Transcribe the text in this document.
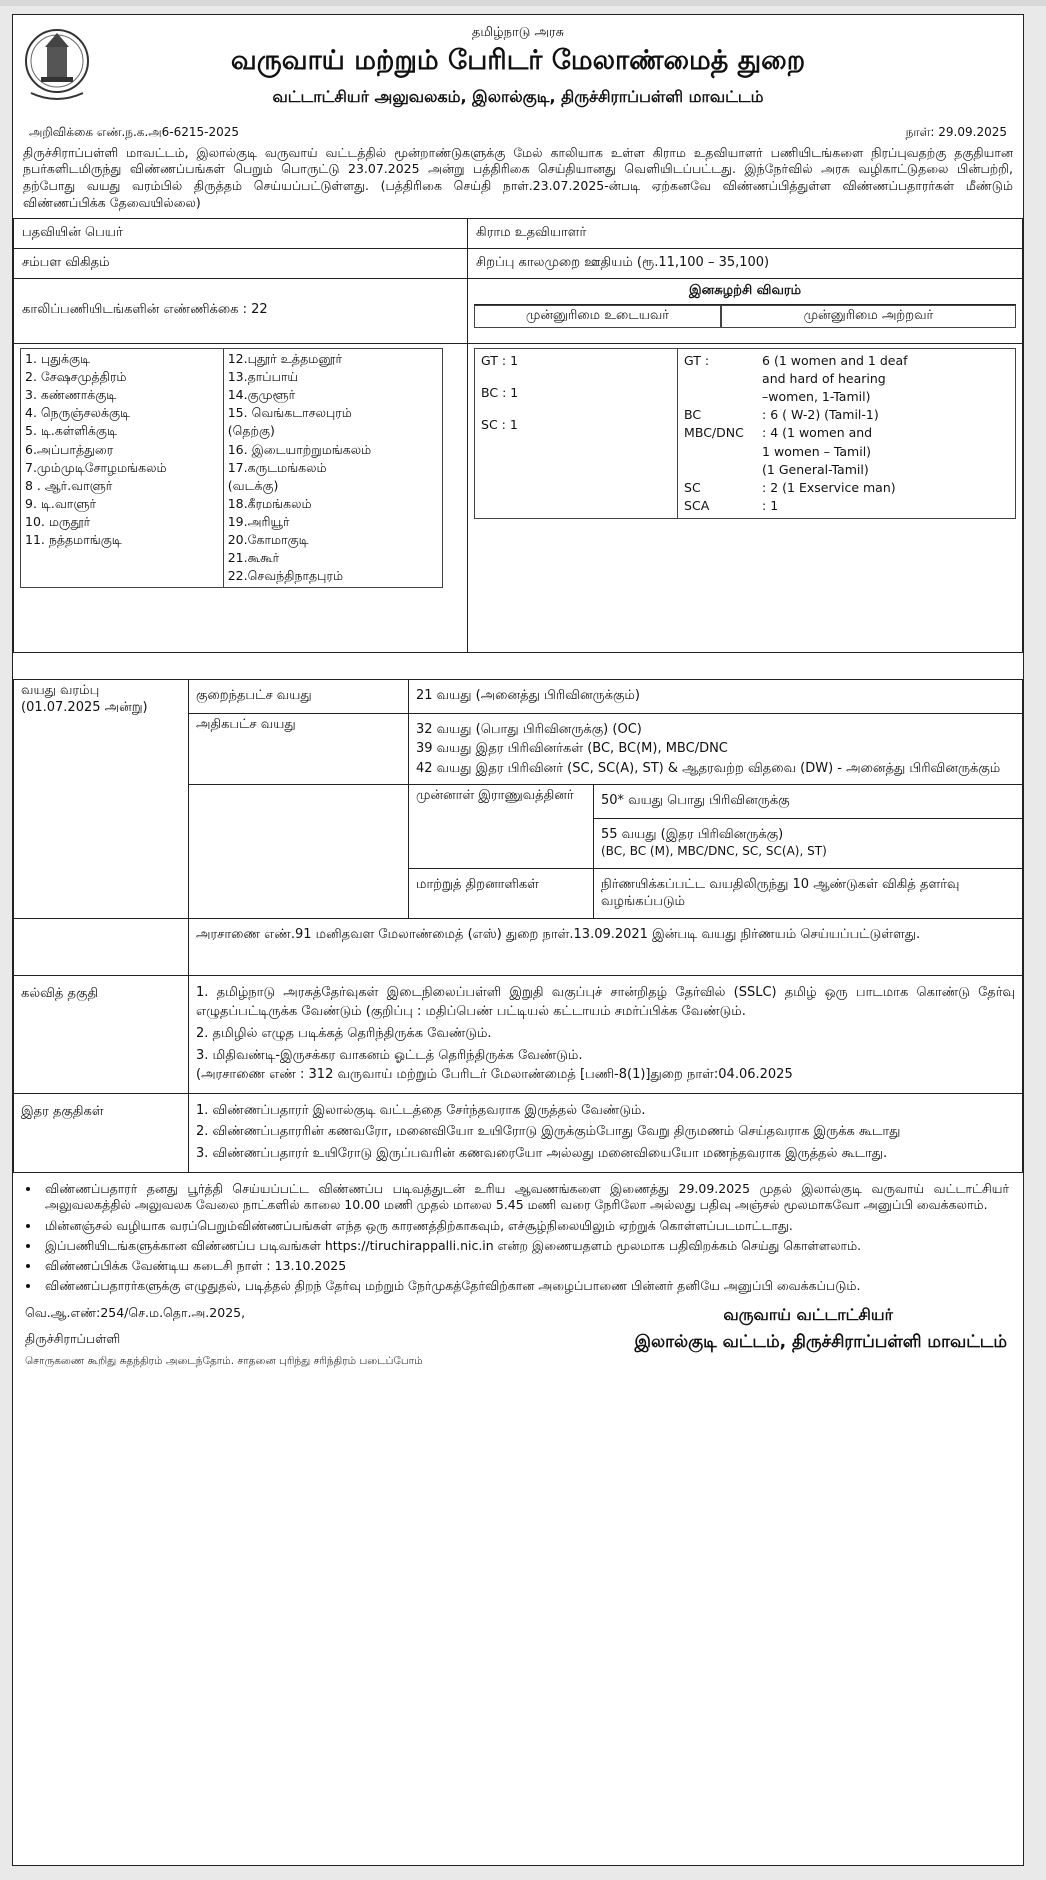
தமிழ்நாடு அரசு
வருவாய் மற்றும் பேரிடர் மேலாண்மைத் துறை
வட்டாட்சியர் அலுவலகம், இலால்குடி, திருச்சிராப்பள்ளி மாவட்டம்
அறிவிக்கை எண்.ந.க.அ6-6215-2025	நாள்: 29.09.2025
திருச்சிராப்பள்ளி மாவட்டம், இலால்குடி வருவாய் வட்டத்தில் மூன்றாண்டுகளுக்கு மேல் காலியாக உள்ள கிராம உதவியாளர் பணியிடங்களை நிரப்புவதற்கு தகுதியான நபர்களிடமிருந்து விண்ணப்பங்கள் பெறும் பொருட்டு 23.07.2025 அன்று பத்திரிகை செய்தியானது வெளியிடப்பட்டது. இந்நேர்வில் அரசு வழிகாட்டுதலை பின்பற்றி, தற்போது வயது வரம்பில் திருத்தம் செய்யப்பட்டுள்ளது. (பத்திரிகை செய்தி நாள்.23.07.2025-ன்படி ஏற்கனவே விண்ணப்பித்துள்ள விண்ணப்பதாரர்கள் மீண்டும் விண்ணப்பிக்க தேவையில்லை)
பதவியின் பெயர்	கிராம உதவியாளர்
சம்பள விகிதம்	சிறப்பு காலமுறை ஊதியம் (ரூ.11,100 – 35,100)
காலிப்பணியிடங்களின் எண்ணிக்கை : 22	
இனசுழற்சி விவரம்
முன்னுரிமை உடையவர்	முன்னுரிமை அற்றவர்

1. புதுக்குடி
2. சேஷசமுத்திரம்
3. கண்ணாக்குடி
4. நெருஞ்சலக்குடி
5. டி.கள்ளிக்குடி
6.அப்பாத்துரை
7.மும்முடிசோழமங்கலம்
8 . ஆர்.வாளுர்
9. டி.வாளுர்
10. மருதூர்
11. நத்தமாங்குடி

12.புதூர் உத்தமனூர்
13.தாப்பாய்
14.குமுளூர்
15. வெங்கடாசலபுரம்
(தெற்கு)
16. இடையாற்றுமங்கலம்
17.கருடமங்கலம்
(வடக்கு)
18.கீரமங்கலம்
19.அரியூர்
20.கோமாகுடி
21.கூகூர்
22.செவந்திநாதபுரம்

GT : 1
BC : 1
SC : 1
GT :	6 (1 women and 1 deaf
and hard of hearing
–women, 1-Tamil)
BC	: 6 ( W-2) (Tamil-1)
MBC/DNC	: 4 (1 women and
1 women – Tamil)
(1 General-Tamil)
SC	: 2 (1 Exservice man)
SCA	: 1
வயது வரம்பு (01.07.2025 அன்று)	குறைந்தபட்ச வயது	21 வயது (அனைத்து பிரிவினருக்கும்)	
	அதிகபட்ச வயது	32 வயது (பொது பிரிவினருக்கு) (OC)
39 வயது இதர பிரிவினர்கள் (BC, BC(M), MBC/DNC
42 வயது இதர பிரிவினர் (SC, SC(A), ST) & ஆதரவற்ற விதவை (DW) - அனைத்து பிரிவினருக்கும்	

		முன்னாள் இராணுவத்தினர்	50* வயது பொது பிரிவினருக்கு

			55 வயது (இதர பிரிவினருக்கு)
(BC, BC (M), MBC/DNC, SC, SC(A), ST)

		மாற்றுத் திறனாளிகள்	நிர்ணயிக்கப்பட்ட வயதிலிருந்து 10 ஆண்டுகள் விகித் தளர்வு வழங்கப்படும்
	அரசாணை எண்.91 மனிதவள மேலாண்மைத் (எஸ்) துறை நாள்.13.09.2021 இன்படி வயது நிர்ணயம் செய்யப்பட்டுள்ளது.		
கல்வித் தகுதி	1. தமிழ்நாடு அரசுத்தேர்வுகள் இடைநிலைப்பள்ளி இறுதி வகுப்புச் சான்றிதழ் தேர்வில் (SSLC) தமிழ் ஒரு பாடமாக கொண்டு தேர்வு எழுதப்பட்டிருக்க வேண்டும் (குறிப்பு : மதிப்பெண் பட்டியல் கட்டாயம் சமர்ப்பிக்க வேண்டும்.
2. தமிழில் எழுத படிக்கத் தெரிந்திருக்க வேண்டும்.
3. மிதிவண்டி-இருசக்கர வாகனம் ஓட்டத் தெரிந்திருக்க வேண்டும்.
(அரசாணை எண் : 312 வருவாய் மற்றும் பேரிடர் மேலாண்மைத் [பணி-8(1)]துறை நாள்:04.06.2025		

இதர தகுதிகள்	1. விண்ணப்பதாரர் இலால்குடி வட்டத்தை சேர்ந்தவராக இருத்தல் வேண்டும்.
2. விண்ணப்பதாரரின் கணவரோ, மனைவியோ உயிரோடு இருக்கும்போது வேறு திருமணம் செய்தவராக இருக்க கூடாது
3. விண்ணப்பதாரர் உயிரோடு இருப்பவரின் கணவரையோ அல்லது மனைவியையோ மணந்தவராக இருத்தல் கூடாது.		
• விண்ணப்பதாரர் தனது பூர்த்தி செய்யப்பட்ட விண்ணப்ப படிவத்துடன் உரிய ஆவணங்களை இணைத்து 29.09.2025 முதல் இலால்குடி வருவாய் வட்டாட்சியர் அலுவலகத்தில் அலுவலக வேலை நாட்களில் காலை 10.00 மணி முதல் மாலை 5.45 மணி வரை நேரிலோ அல்லது பதிவு அஞ்சல் மூலமாகவோ அனுப்பி வைக்கலாம்.
• மின்னஞ்சல் வழியாக வரப்பெறும்விண்ணப்பங்கள் எந்த ஒரு காரணத்திற்காகவும், எச்சூழ்நிலையிலும் ஏற்றுக் கொள்ளப்படமாட்டாது.
• இப்பணியிடங்களுக்கான விண்ணப்ப படிவங்கள் https://tiruchirappalli.nic.in என்ற இணையதளம் மூலமாக பதிவிறக்கம் செய்து கொள்ளலாம்.
• விண்ணப்பிக்க வேண்டிய கடைசி நாள் : 13.10.2025
• விண்ணப்பதாரர்களுக்கு எழுதுதல், படித்தல் திறந் தேர்வு மற்றும் நேர்முகத்தேர்விற்கான அழைப்பாணை பின்னர் தனியே அனுப்பி வைக்கப்படும்.
வெ.ஆ.எண்:254/செ.ம.தொ.அ.2025,
திருச்சிராப்பள்ளி
சொருகணை கூறிது சுதந்திரம் அடைந்தோம். சாதனை புரிந்து சரிந்திரம் படைப்போம்
வருவாய் வட்டாட்சியர்
இலால்குடி வட்டம், திருச்சிராப்பள்ளி மாவட்டம்
